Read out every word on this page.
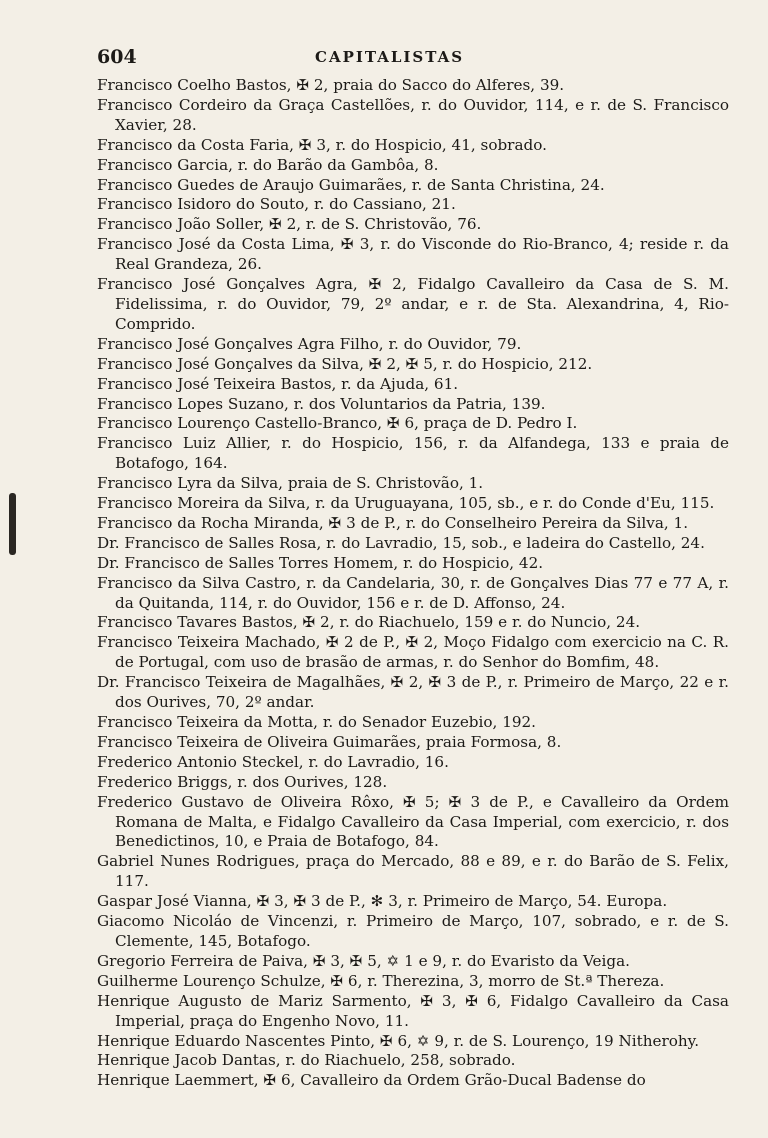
604	CAPITALISTAS
Francisco Coelho Bastos, ✠ 2, praia do Sacco do Alferes, 39.
Francisco Cordeiro da Graça Castellões, r. do Ouvidor, 114, e r. de S. Francisco Xavier, 28.
Francisco da Costa Faria, ✠ 3, r. do Hospicio, 41, sobrado.
Francisco Garcia, r. do Barão da Gambôa, 8.
Francisco Guedes de Araujo Guimarães, r. de Santa Christina, 24.
Francisco Isidoro do Souto, r. do Cassiano, 21.
Francisco João Soller, ✠ 2, r. de S. Christovão, 76.
Francisco José da Costa Lima, ✠ 3, r. do Visconde do Rio-Branco, 4; reside r. da Real Grandeza, 26.
Francisco José Gonçalves Agra, ✠ 2, Fidalgo Cavalleiro da Casa de S. M. Fidelissima, r. do Ouvidor, 79, 2º andar, e r. de Sta. Alexandrina, 4, Rio-Comprido.
Francisco José Gonçalves Agra Filho, r. do Ouvidor, 79.
Francisco José Gonçalves da Silva, ✠ 2, ✠ 5, r. do Hospicio, 212.
Francisco José Teixeira Bastos, r. da Ajuda, 61.
Francisco Lopes Suzano, r. dos Voluntarios da Patria, 139.
Francisco Lourenço Castello-Branco, ✠ 6, praça de D. Pedro I.
Francisco Luiz Allier, r. do Hospicio, 156, r. da Alfandega, 133 e praia de Botafogo, 164.
Francisco Lyra da Silva, praia de S. Christovão, 1.
Francisco Moreira da Silva, r. da Uruguayana, 105, sb., e r. do Conde d'Eu, 115.
Francisco da Rocha Miranda, ✠ 3 de P., r. do Conselheiro Pereira da Silva, 1.
Dr. Francisco de Salles Rosa, r. do Lavradio, 15, sob., e ladeira do Castello, 24.
Dr. Francisco de Salles Torres Homem, r. do Hospicio, 42.
Francisco da Silva Castro, r. da Candelaria, 30, r. de Gonçalves Dias 77 e 77 A, r. da Quitanda, 114, r. do Ouvidor, 156 e r. de D. Affonso, 24.
Francisco Tavares Bastos, ✠ 2, r. do Riachuelo, 159 e r. do Nuncio, 24.
Francisco Teixeira Machado, ✠ 2 de P., ✠ 2, Moço Fidalgo com exercicio na C. R. de Portugal, com uso de brasão de armas, r. do Senhor do Bomfim, 48.
Dr. Francisco Teixeira de Magalhães, ✠ 2, ✠ 3 de P., r. Primeiro de Março, 22 e r. dos Ourives, 70, 2º andar.
Francisco Teixeira da Motta, r. do Senador Euzebio, 192.
Francisco Teixeira de Oliveira Guimarães, praia Formosa, 8.
Frederico Antonio Steckel, r. do Lavradio, 16.
Frederico Briggs, r. dos Ourives, 128.
Frederico Gustavo de Oliveira Rôxo, ✠ 5; ✠ 3 de P., e Cavalleiro da Ordem Romana de Malta, e Fidalgo Cavalleiro da Casa Imperial, com exercicio, r. dos Benedictinos, 10, e Praia de Botafogo, 84.
Gabriel Nunes Rodrigues, praça do Mercado, 88 e 89, e r. do Barão de S. Felix, 117.
Gaspar José Vianna, ✠ 3, ✠ 3 de P., ✻ 3, r. Primeiro de Março, 54. Europa.
Giacomo Nicoláo de Vincenzi, r. Primeiro de Março, 107, sobrado, e r. de S. Clemente, 145, Botafogo.
Gregorio Ferreira de Paiva, ✠ 3, ✠ 5, ✡ 1 e 9, r. do Evaristo da Veiga.
Guilherme Lourenço Schulze, ✠ 6, r. Therezina, 3, morro de St.ª Thereza.
Henrique Augusto de Mariz Sarmento, ✠ 3, ✠ 6, Fidalgo Cavalleiro da Casa Imperial, praça do Engenho Novo, 11.
Henrique Eduardo Nascentes Pinto, ✠ 6, ✡ 9, r. de S. Lourenço, 19 Nitherohy.
Henrique Jacob Dantas, r. do Riachuelo, 258, sobrado.
Henrique Laemmert, ✠ 6, Cavalleiro da Ordem Grão-Ducal Badense do
